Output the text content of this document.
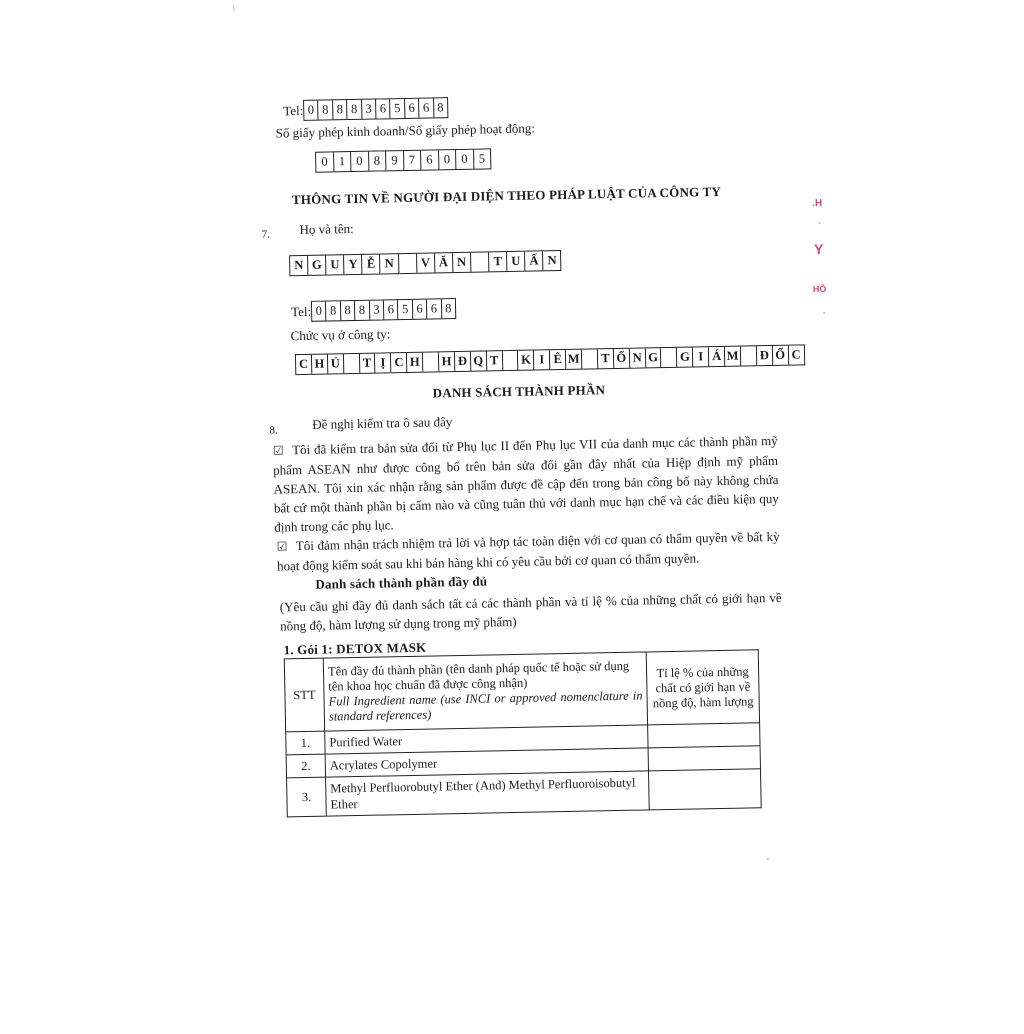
Tel: 0 8 8 8 3 6 5 6 6 8
Số giấy phép kinh doanh/Số giấy phép hoạt động:
0 1 0 8 9 7 6 0 0 5
THÔNG TIN VỀ NGƯỜI ĐẠI DIỆN THEO PHÁP LUẬT CỦA CÔNG TY
7. Họ và tên:
N G U Y Ễ N	V Ă N	T U Ấ N
Tel: 0 8 8 8 3 6 5 6 6 8
Chức vụ ở công ty:
C H Ủ	T Ị C H H Đ Q T	K I Ê M T Ổ N G G I Á M Đ Ố C
DANH SÁCH THÀNH PHẦN
8.	Đề nghị kiểm tra ô sau đây
☑ Tôi đã kiểm tra bản sửa đổi từ Phụ lục II đến Phụ lục VII của danh mục các thành phần mỹ phẩm ASEAN như được công bố trên bản sửa đổi gần đây nhất của Hiệp định mỹ phẩm ASEAN. Tôi xin xác nhận rằng sản phẩm được đề cập đến trong bản công bố này không chứa bất cứ một thành phần bị cấm nào và cũng tuân thủ với danh mục hạn chế và các điều kiện quy định trong các phụ lục.
☑ Tôi đảm nhận trách nhiệm trả lời và hợp tác toàn diện với cơ quan có thẩm quyền về bất kỳ hoạt động kiểm soát sau khi bán hàng khi có yêu cầu bởi cơ quan có thẩm quyền.
Danh sách thành phần đầy đủ
(Yêu cầu ghi đầy đủ danh sách tất cả các thành phần và tỉ lệ % của những chất có giới hạn về nồng độ, hàm lượng sử dụng trong mỹ phẩm)
1. Gói 1: DETOX MASK
STT	Tên đầy đủ thành phần (tên danh pháp quốc tế hoặc sử dụng tên khoa học chuẩn đã được công nhận)
Full Ingredient name (use INCI or approved nomenclature in standard references)	Tỉ lệ % của những chất có giới hạn về nồng độ, hàm lượng
1.	Purified Water	
2.	Acrylates Copolymer	
3.	Methyl Perfluorobutyl Ether (And) Methyl Perfluoroisobutyl Ether	
.H
Y
HỒ
